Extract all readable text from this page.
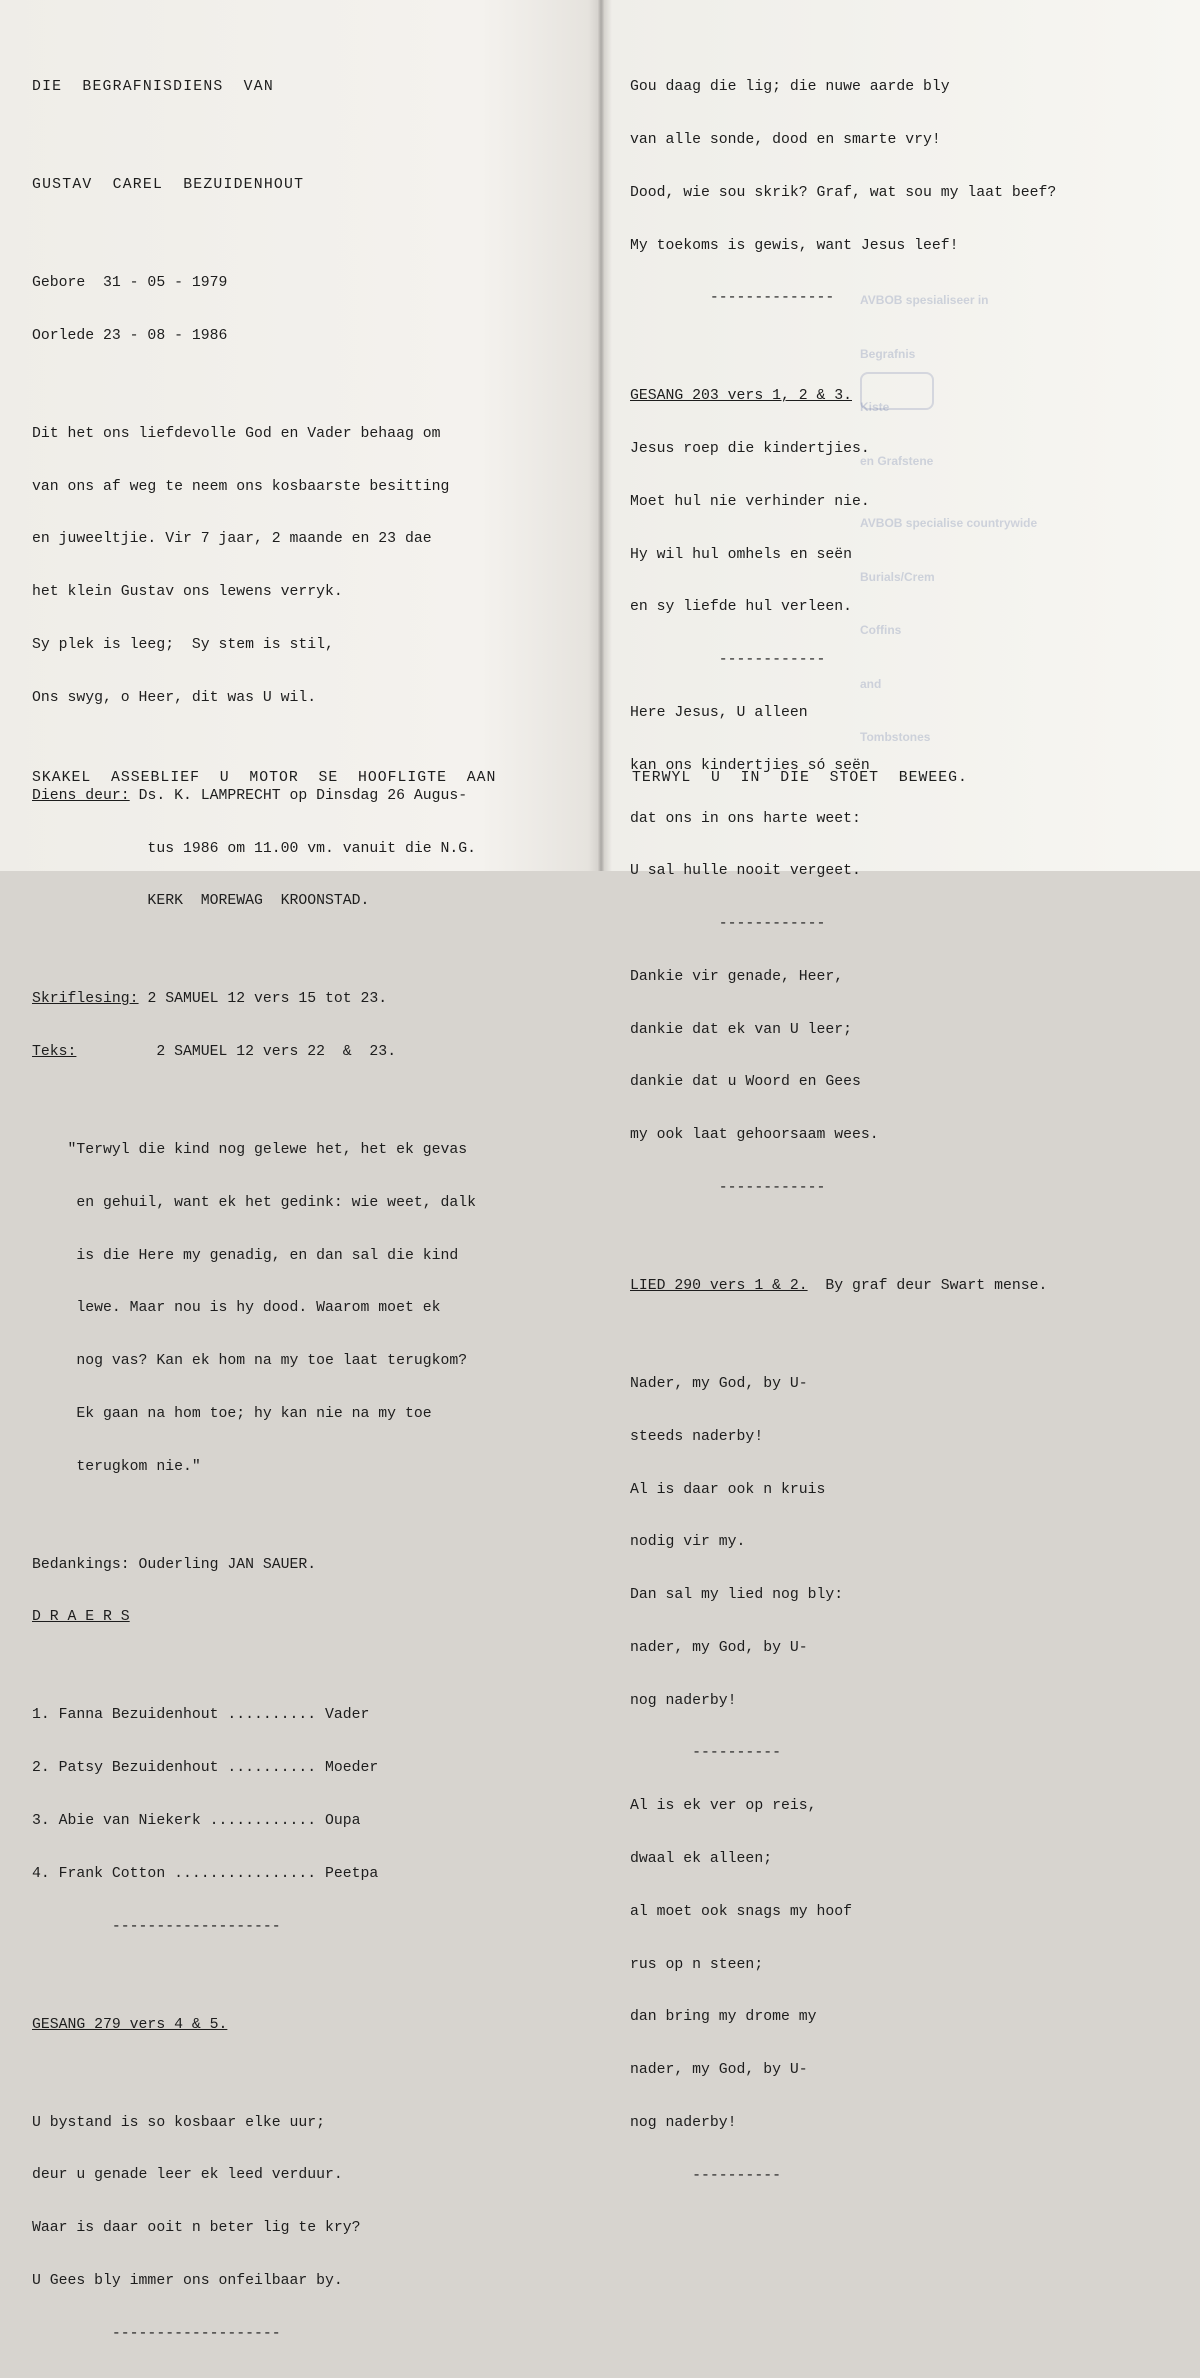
AVBOB spesialiseer in

Begrafnis

Kiste

en Grafstene

AVBOB specialise countrywide

Burials/Crem

Coffins

and

Tombstones

DIE  BEGRAFNISDIENS  VAN

GUSTAV  CAREL  BEZUIDENHOUT

Gebore  31 - 05 - 1979

Oorlede 23 - 08 - 1986

Dit het ons liefdevolle God en Vader behaag om

van ons af weg te neem ons kosbaarste besitting

en juweeltjie. Vir 7 jaar, 2 maande en 23 dae

het klein Gustav ons lewens verryk.

Sy plek is leeg;  Sy stem is stil,

Ons swyg, o Heer, dit was U wil.

Diens deur: Ds. K. LAMPRECHT op Dinsdag 26 Augus-

tus 1986 om 11.00 vm. vanuit die N.G.

KERK  MOREWAG  KROONSTAD.

Skriflesing: 2 SAMUEL 12 vers 15 tot 23.

Teks:         2 SAMUEL 12 vers 22  &  23.

"Terwyl die kind nog gelewe het, het ek gevas

en gehuil, want ek het gedink: wie weet, dalk

is die Here my genadig, en dan sal die kind

lewe. Maar nou is hy dood. Waarom moet ek

nog vas? Kan ek hom na my toe laat terugkom?

Ek gaan na hom toe; hy kan nie na my toe

terugkom nie."

Bedankings: Ouderling JAN SAUER.

D R A E R S

1. Fanna Bezuidenhout .......... Vader

2. Patsy Bezuidenhout .......... Moeder

3. Abie van Niekerk ............ Oupa

4. Frank Cotton ................ Peetpa

-------------------

GESANG 279 vers 4 & 5.

U bystand is so kosbaar elke uur;

deur u genade leer ek leed verduur.

Waar is daar ooit n beter lig te kry?

U Gees bly immer ons onfeilbaar by.

-------------------

SKAKEL  ASSEBLIEF  U  MOTOR  SE  HOOFLIGTE  AAN

Gou daag die lig; die nuwe aarde bly

van alle sonde, dood en smarte vry!

Dood, wie sou skrik? Graf, wat sou my laat beef?

My toekoms is gewis, want Jesus leef!

--------------

GESANG 203 vers 1, 2 & 3.

Jesus roep die kindertjies.

Moet hul nie verhinder nie.

Hy wil hul omhels en seën

en sy liefde hul verleen.

------------

Here Jesus, U alleen

kan ons kindertjies só seën

dat ons in ons harte weet:

U sal hulle nooit vergeet.

------------

Dankie vir genade, Heer,

dankie dat ek van U leer;

dankie dat u Woord en Gees

my ook laat gehoorsaam wees.

------------

LIED 290 vers 1 & 2.  By graf deur Swart mense.

Nader, my God, by U-

steeds naderby!

Al is daar ook n kruis

nodig vir my.

Dan sal my lied nog bly:

nader, my God, by U-

nog naderby!

----------

Al is ek ver op reis,

dwaal ek alleen;

al moet ook snags my hoof

rus op n steen;

dan bring my drome my

nader, my God, by U-

nog naderby!

----------

TERWYL  U  IN  DIE  STOET  BEWEEG.
